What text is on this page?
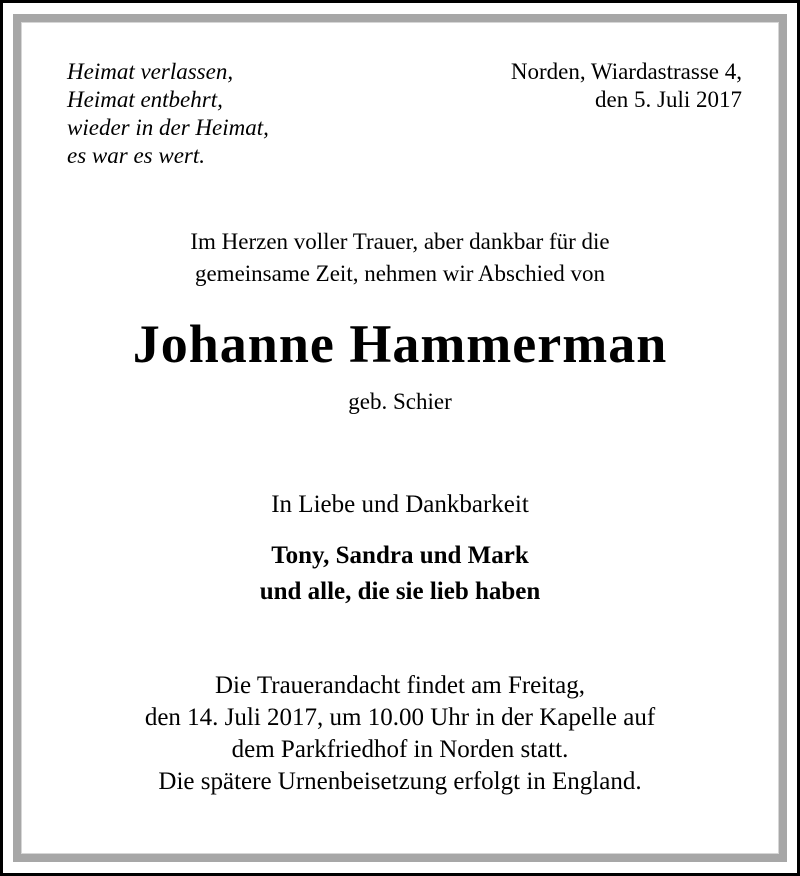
Heimat verlassen,
Heimat entbehrt,
wieder in der Heimat,
es war es wert.
Norden, Wiardastrasse 4,
den 5. Juli 2017
Im Herzen voller Trauer, aber dankbar für die
gemeinsame Zeit, nehmen wir Abschied von
Johanne Hammerman
geb. Schier
In Liebe und Dankbarkeit
Tony, Sandra und Mark
und alle, die sie lieb haben
Die Trauerandacht findet am Freitag,
den 14. Juli 2017, um 10.00 Uhr in der Kapelle auf
dem Parkfriedhof in Norden statt.
Die spätere Urnenbeisetzung erfolgt in England.
